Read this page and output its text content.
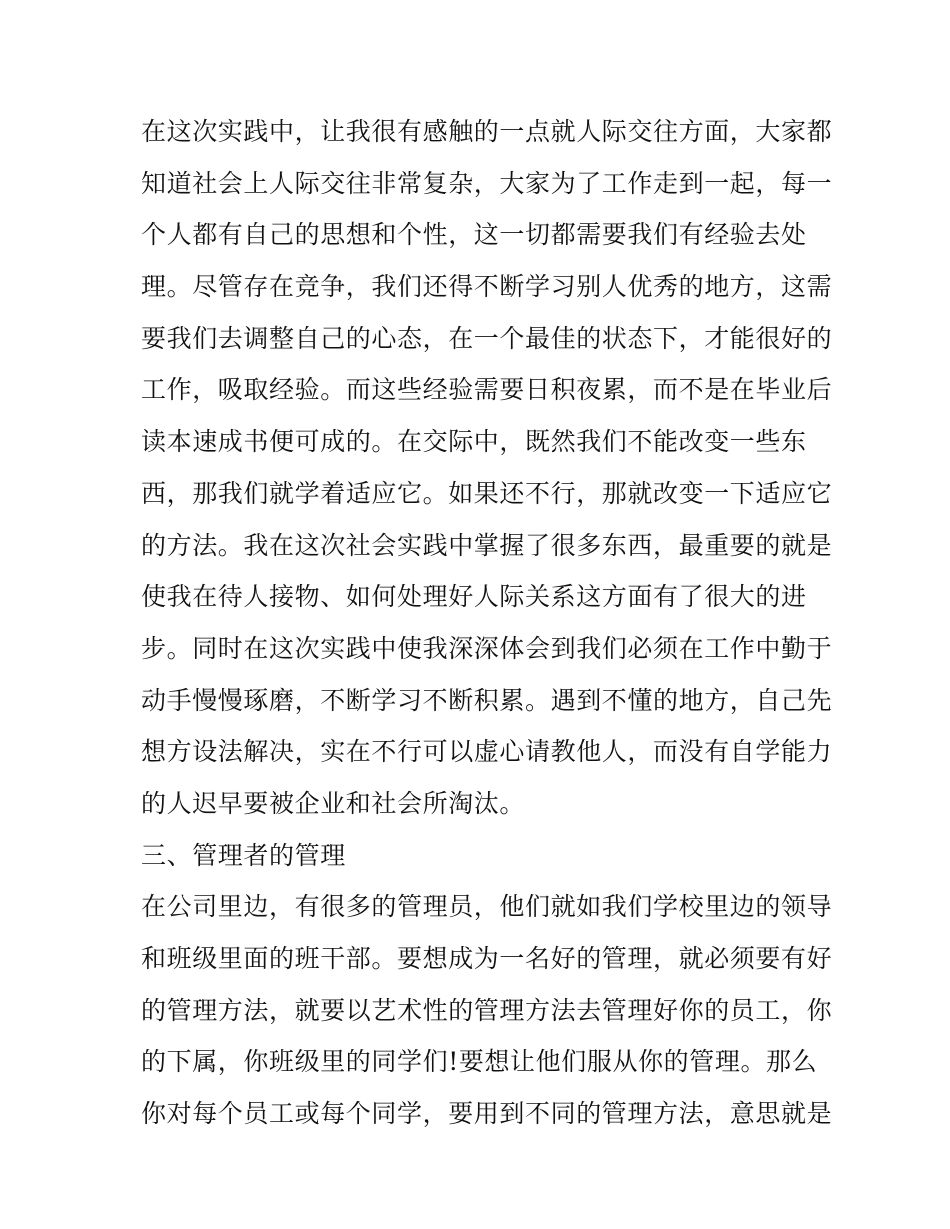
在这次实践中，让我很有感触的一点就人际交往方面，大家都
知道社会上人际交往非常复杂，大家为了工作走到一起，每一
个人都有自己的思想和个性，这一切都需要我们有经验去处
理。尽管存在竞争，我们还得不断学习别人优秀的地方，这需
要我们去调整自己的心态，在一个最佳的状态下，才能很好的
工作，吸取经验。而这些经验需要日积夜累，而不是在毕业后
读本速成书便可成的。在交际中，既然我们不能改变一些东
西，那我们就学着适应它。如果还不行，那就改变一下适应它
的方法。我在这次社会实践中掌握了很多东西，最重要的就是
使我在待人接物、如何处理好人际关系这方面有了很大的进
步。同时在这次实践中使我深深体会到我们必须在工作中勤于
动手慢慢琢磨，不断学习不断积累。遇到不懂的地方，自己先
想方设法解决，实在不行可以虚心请教他人，而没有自学能力
的人迟早要被企业和社会所淘汰。
三、管理者的管理
在公司里边，有很多的管理员，他们就如我们学校里边的领导
和班级里面的班干部。要想成为一名好的管理，就必须要有好
的管理方法，就要以艺术性的管理方法去管理好你的员工，你
的下属，你班级里的同学们!要想让他们服从你的管理。那么
你对每个员工或每个同学，要用到不同的管理方法，意思就是
